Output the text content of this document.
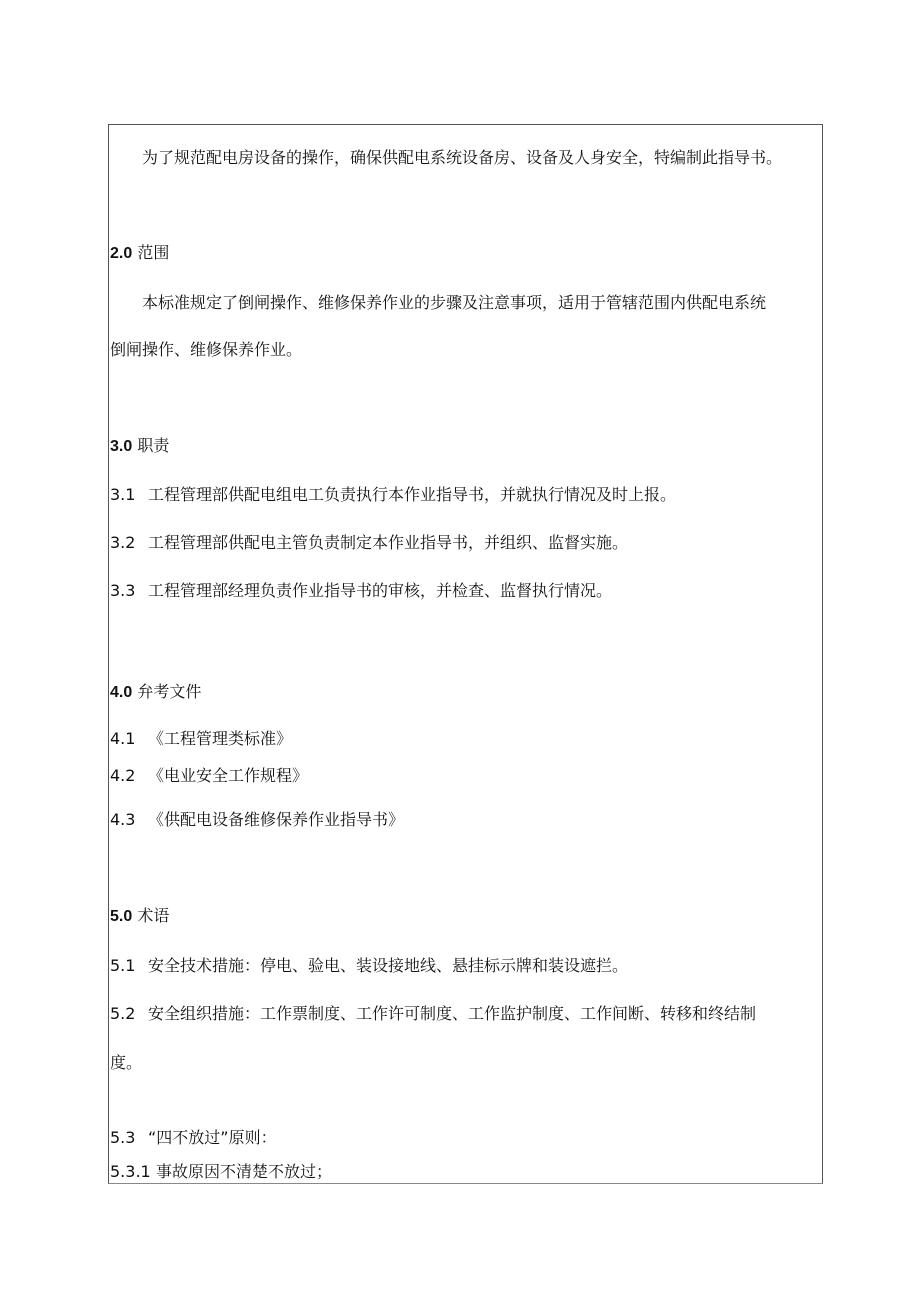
为了规范配电房设备的操作，确保供配电系统设备房、设备及人身安全，特编制此指导书。
2.0 范围
本标准规定了倒闸操作、维修保养作业的步骤及注意事项，适用于管辖范围内供配电系统
倒闸操作、维修保养作业。
3.0 职责
3.1 工程管理部供配电组电工负责执行本作业指导书，并就执行情况及时上报。
3.2 工程管理部供配电主管负责制定本作业指导书，并组织、监督实施。
3.3 工程管理部经理负责作业指导书的审核，并检查、监督执行情况。
4.0 弁考文件
4.1 《工程管理类标准》
4.2 《电业安全工作规程》
4.3 《供配电设备维修保养作业指导书》
5.0 术语
5.1 安全技术措施：停电、验电、装设接地线、悬挂标示牌和装设遮拦。
5.2 安全组织措施：工作票制度、工作许可制度、工作监护制度、工作间断、转移和终结制
度。
5.3 “四不放过”原则：
5.3.1 事故原因不清楚不放过；
